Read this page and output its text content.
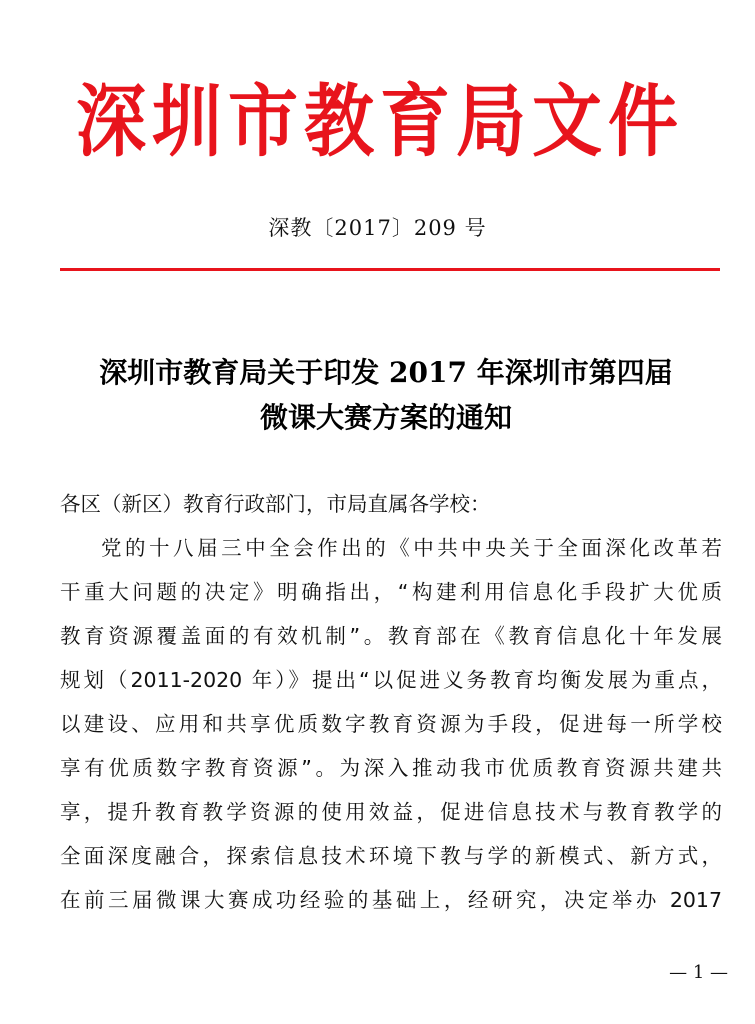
深圳市教育局文件
深教〔2017〕209 号
深圳市教育局关于印发 2017 年深圳市第四届
微课大赛方案的通知
各区（新区）教育行政部门，市局直属各学校：
党的十八届三中全会作出的《中共中央关于全面深化改革若
干重大问题的决定》明确指出，“构建利用信息化手段扩大优质
教育资源覆盖面的有效机制”。教育部在《教育信息化十年发展
规划（2011-2020 年）》提出“以促进义务教育均衡发展为重点，
以建设、应用和共享优质数字教育资源为手段，促进每一所学校
享有优质数字教育资源”。为深入推动我市优质教育资源共建共
享，提升教育教学资源的使用效益，促进信息技术与教育教学的
全面深度融合，探索信息技术环境下教与学的新模式、新方式，
在前三届微课大赛成功经验的基础上，经研究，决定举办 2017
— 1 —
